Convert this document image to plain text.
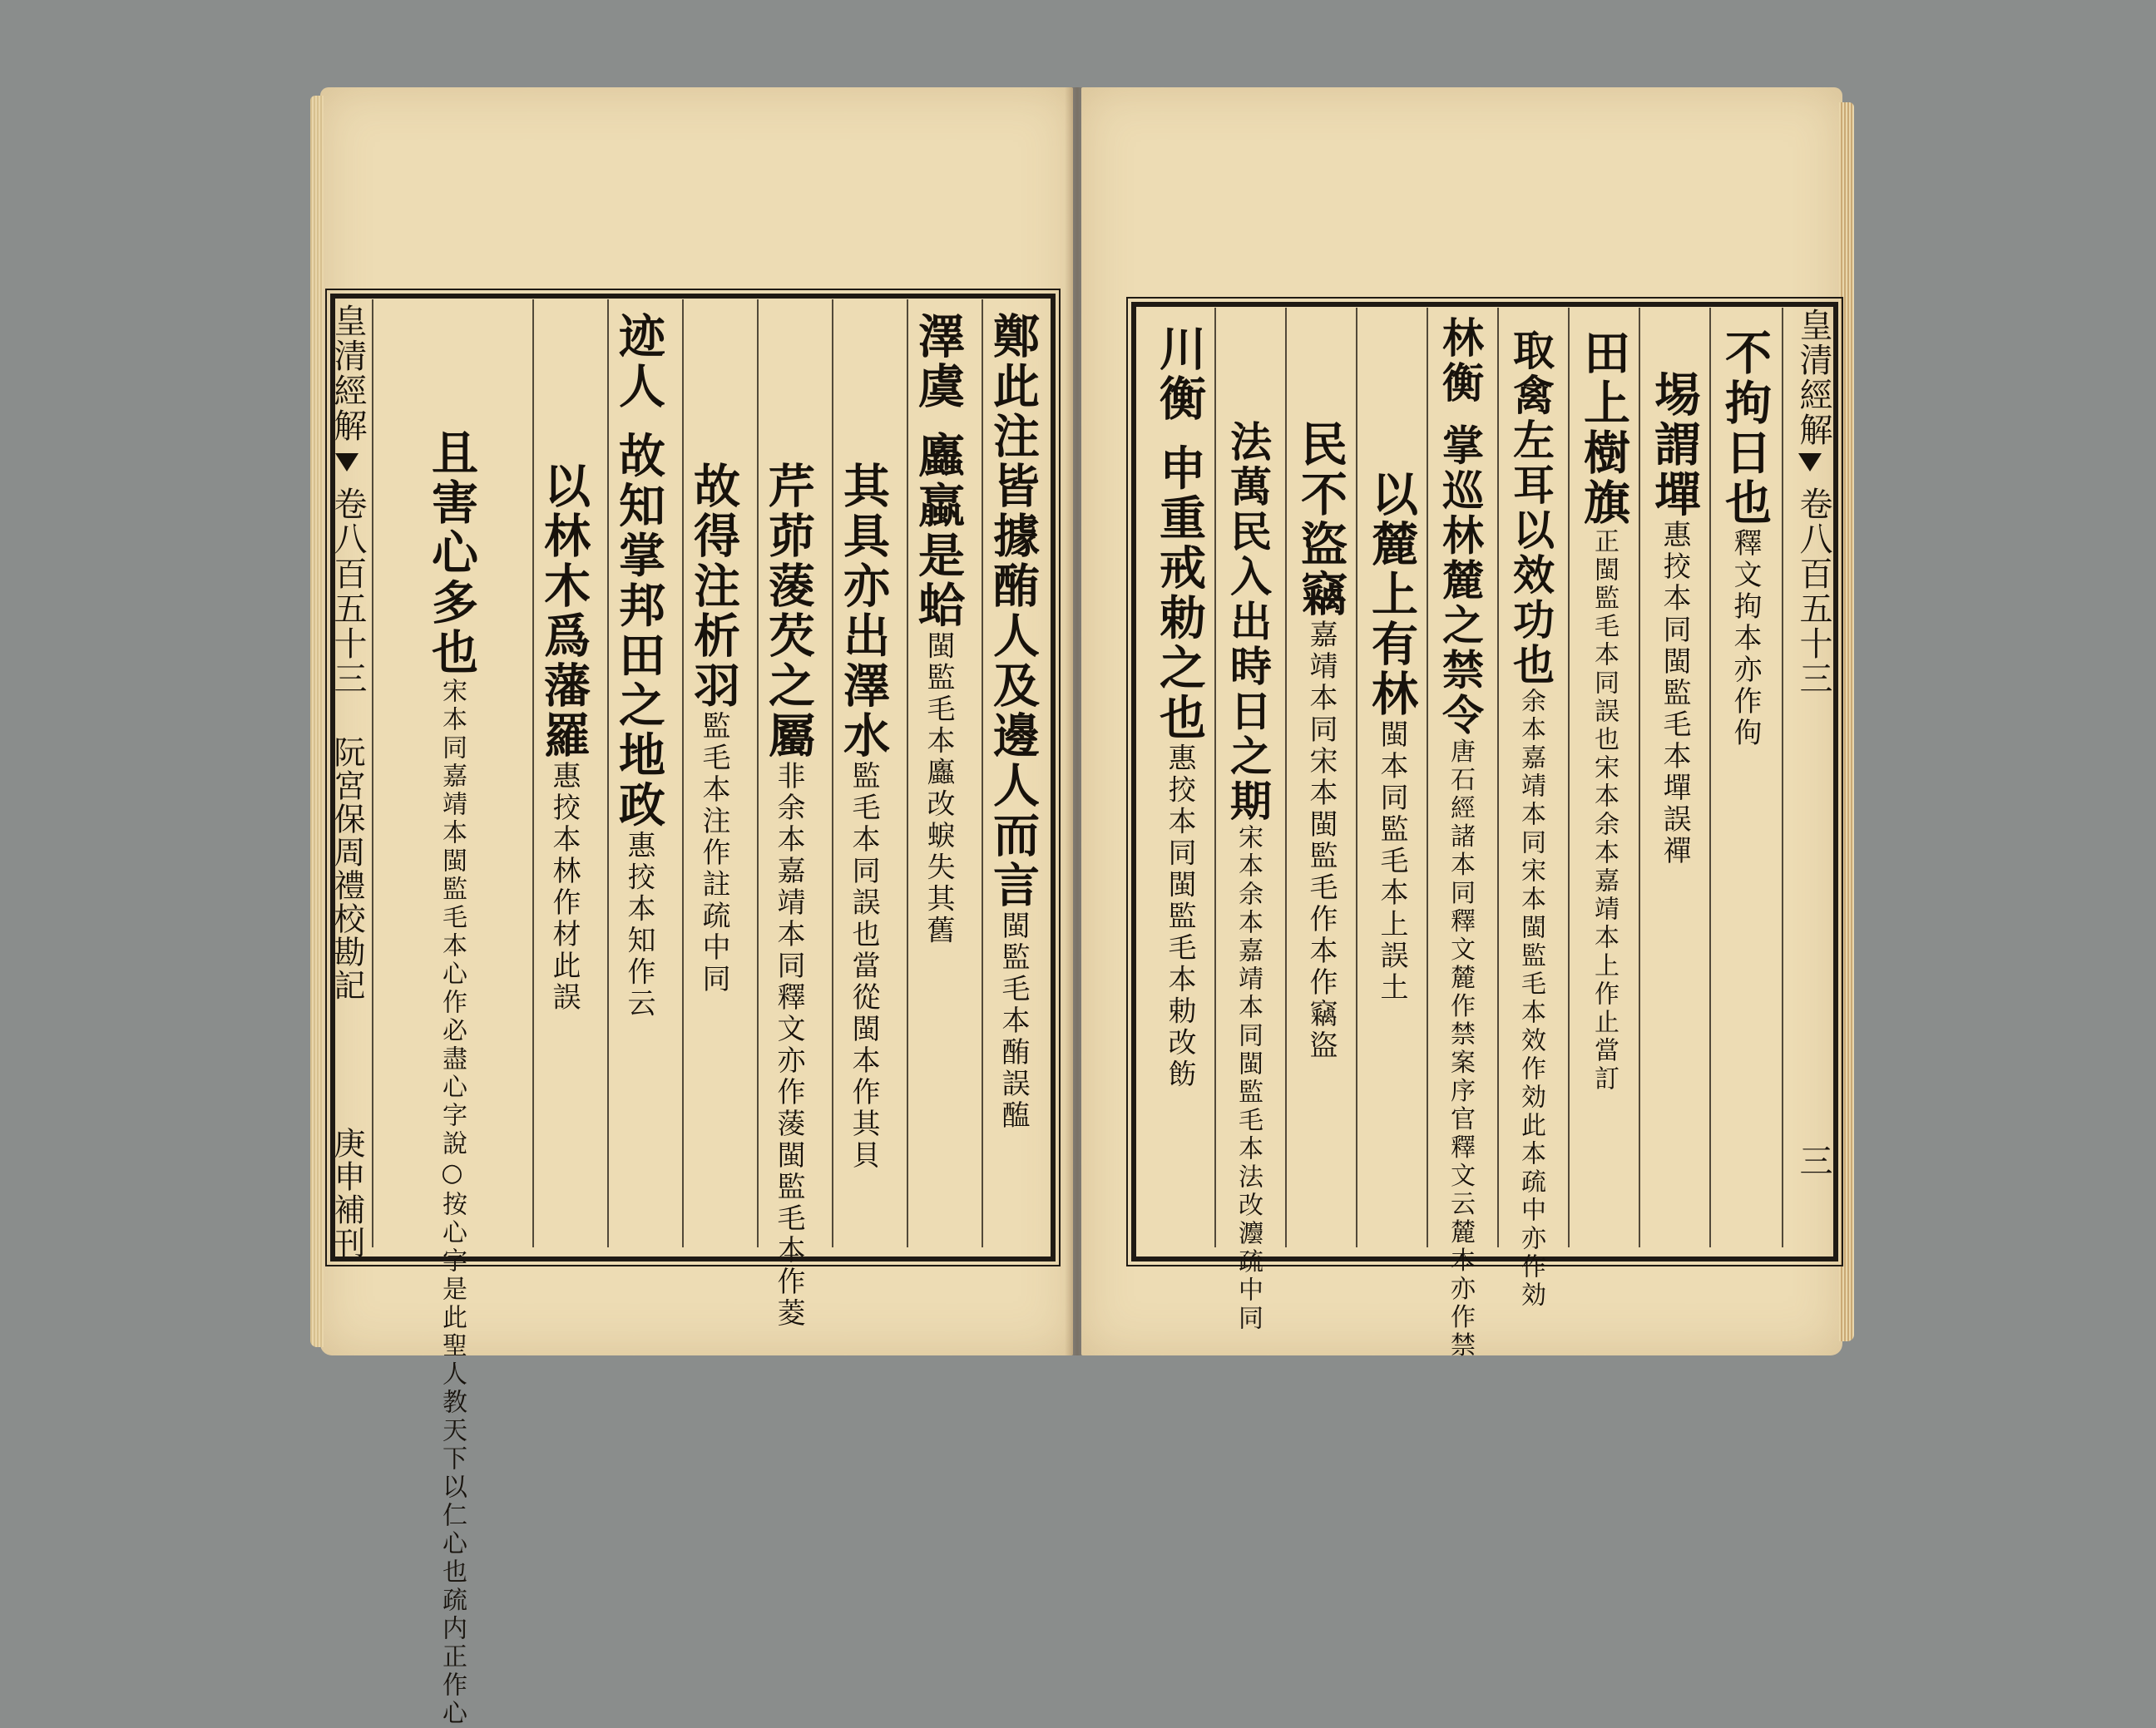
皇清經解
卷八百五十三
阮宮保周禮校勘記
庚申補刊
鄭此注皆據酭人及邊人而言閩監毛本酭誤醢
澤虞 蠯蠃是蛤閩監毛本蠯改蜧失其舊
其具亦出澤水監毛本同誤也當從閩本作其貝
芹茆蔆芡之屬非余本嘉靖本同釋文亦作蔆閩監毛本作菱
故得注析羽監毛本注作註疏中同
迹人 故知掌邦田之地政惠挍本知作云
以林木爲藩羅惠挍本林作材此誤
且害心多也宋本同嘉靖本閩監毛本心作必盡心字說○按心字是此聖人教天下以仁心也疏内正作心
皇清經解
卷八百五十三
三
不拘日也釋文拘本亦作佝
埸謂墠惠挍本同閩監毛本墠誤禪
田上樹旗正閩監毛本同誤也宋本余本嘉靖本上作止當訂
取禽左耳以效功也余本嘉靖本同宋本閩監毛本效作効此本疏中亦作効
林衡 掌巡林麓之禁令唐石經諸本同釋文麓作禁案序官釋文云麓本亦作禁
以麓上有林閩本同監毛本上誤土
民不盜竊嘉靖本同宋本閩監毛作本作竊盜
法萬民入出時日之期宋本余本嘉靖本同閩監毛本法改灋疏中同
川衡 申重戒勅之也惠挍本同閩監毛本勅改飭
